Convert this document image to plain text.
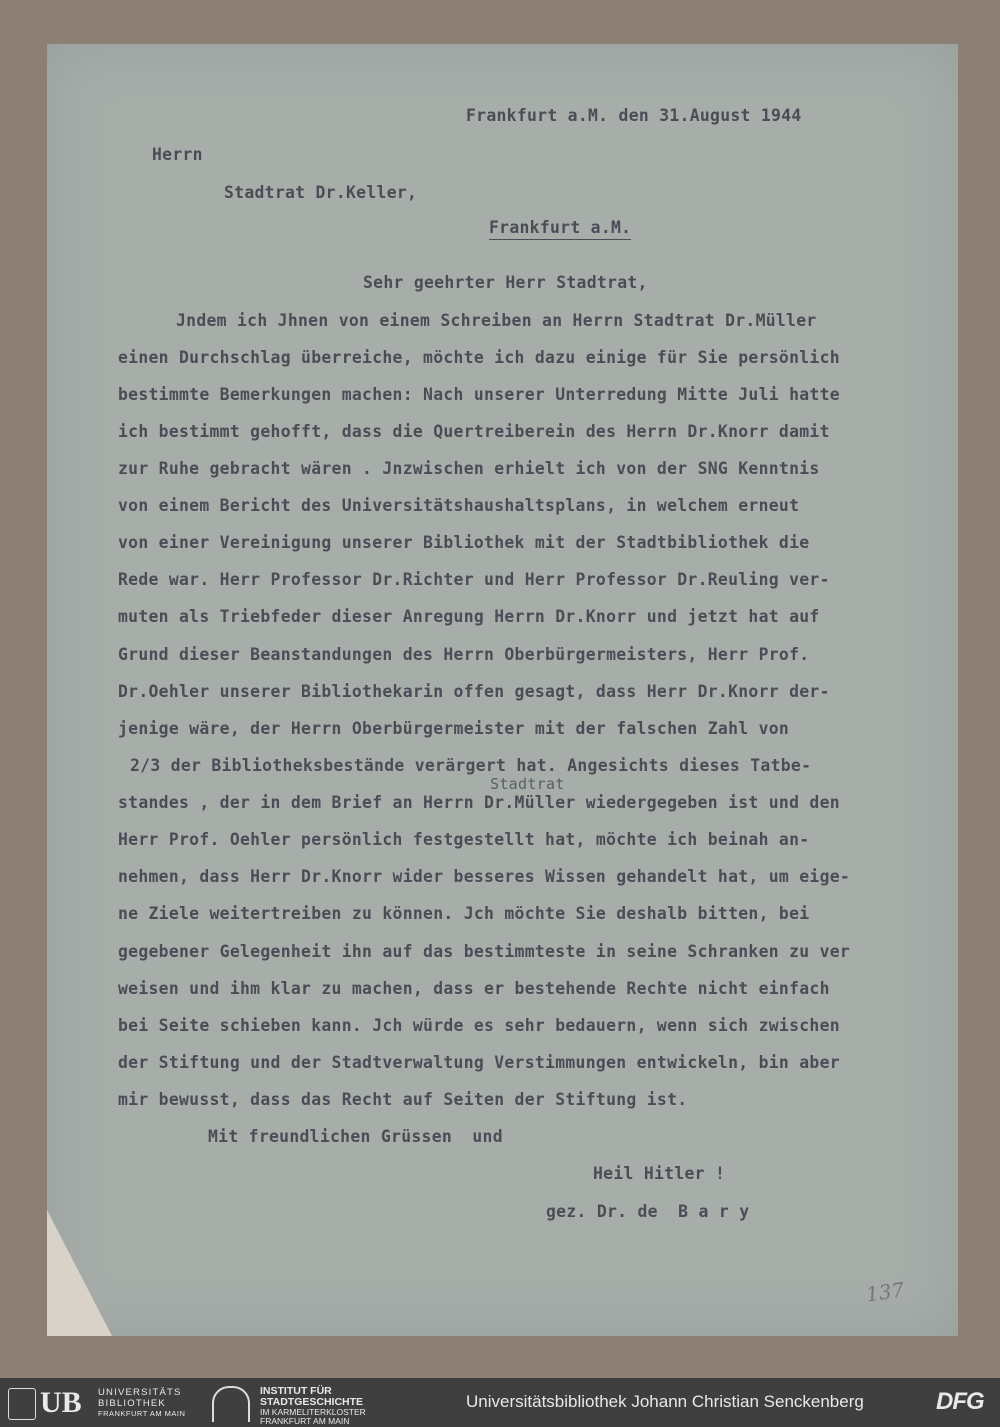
Frankfurt a.M. den 31.August 1944
Herrn
Stadtrat Dr.Keller,
Frankfurt a.M.
Sehr geehrter Herr Stadtrat,
Jndem ich Jhnen von einem Schreiben an Herrn Stadtrat Dr.Müller
einen Durchschlag überreiche, möchte ich dazu einige für Sie persönlich
bestimmte Bemerkungen machen: Nach unserer Unterredung Mitte Juli hatte
ich bestimmt gehofft, dass die Quertreiberein des Herrn Dr.Knorr damit
zur Ruhe gebracht wären . Jnzwischen erhielt ich von der SNG Kenntnis
von einem Bericht des Universitätshaushaltsplans, in welchem erneut
von einer Vereinigung unserer Bibliothek mit der Stadtbibliothek die
Rede war. Herr Professor Dr.Richter und Herr Professor Dr.Reuling ver-
muten als Triebfeder dieser Anregung Herrn Dr.Knorr und jetzt hat auf
Grund dieser Beanstandungen des Herrn Oberbürgermeisters, Herr Prof.
Dr.Oehler unserer Bibliothekarin offen gesagt, dass Herr Dr.Knorr der-
jenige wäre, der Herrn Oberbürgermeister mit der falschen Zahl von
2/3 der Bibliotheksbestände verärgert hat. Angesichts dieses Tatbe-
Stadtrat
standes , der in dem Brief an Herrn Dr.Müller wiedergegeben ist und den
Herr Prof. Oehler persönlich festgestellt hat, möchte ich beinah an-
nehmen, dass Herr Dr.Knorr wider besseres Wissen gehandelt hat, um eige-
ne Ziele weitertreiben zu können. Jch möchte Sie deshalb bitten, bei
gegebener Gelegenheit ihn auf das bestimmteste in seine Schranken zu ver
weisen und ihm klar zu machen, dass er bestehende Rechte nicht einfach
bei Seite schieben kann. Jch würde es sehr bedauern, wenn sich zwischen
der Stiftung und der Stadtverwaltung Verstimmungen entwickeln, bin aber
mir bewusst, dass das Recht auf Seiten der Stiftung ist.
Mit freundlichen Grüssen  und
Heil Hitler !
gez. Dr. de  B a r y
137
UB UNIVERSITÄTS
BIBLIOTHEK
FRANKFURT AM MAIN
INSTITUT FÜR
STADTGESCHICHTE
IM KARMELITERKLOSTER
FRANKFURT AM MAIN
Universitätsbibliothek Johann Christian Senckenberg	DFG
